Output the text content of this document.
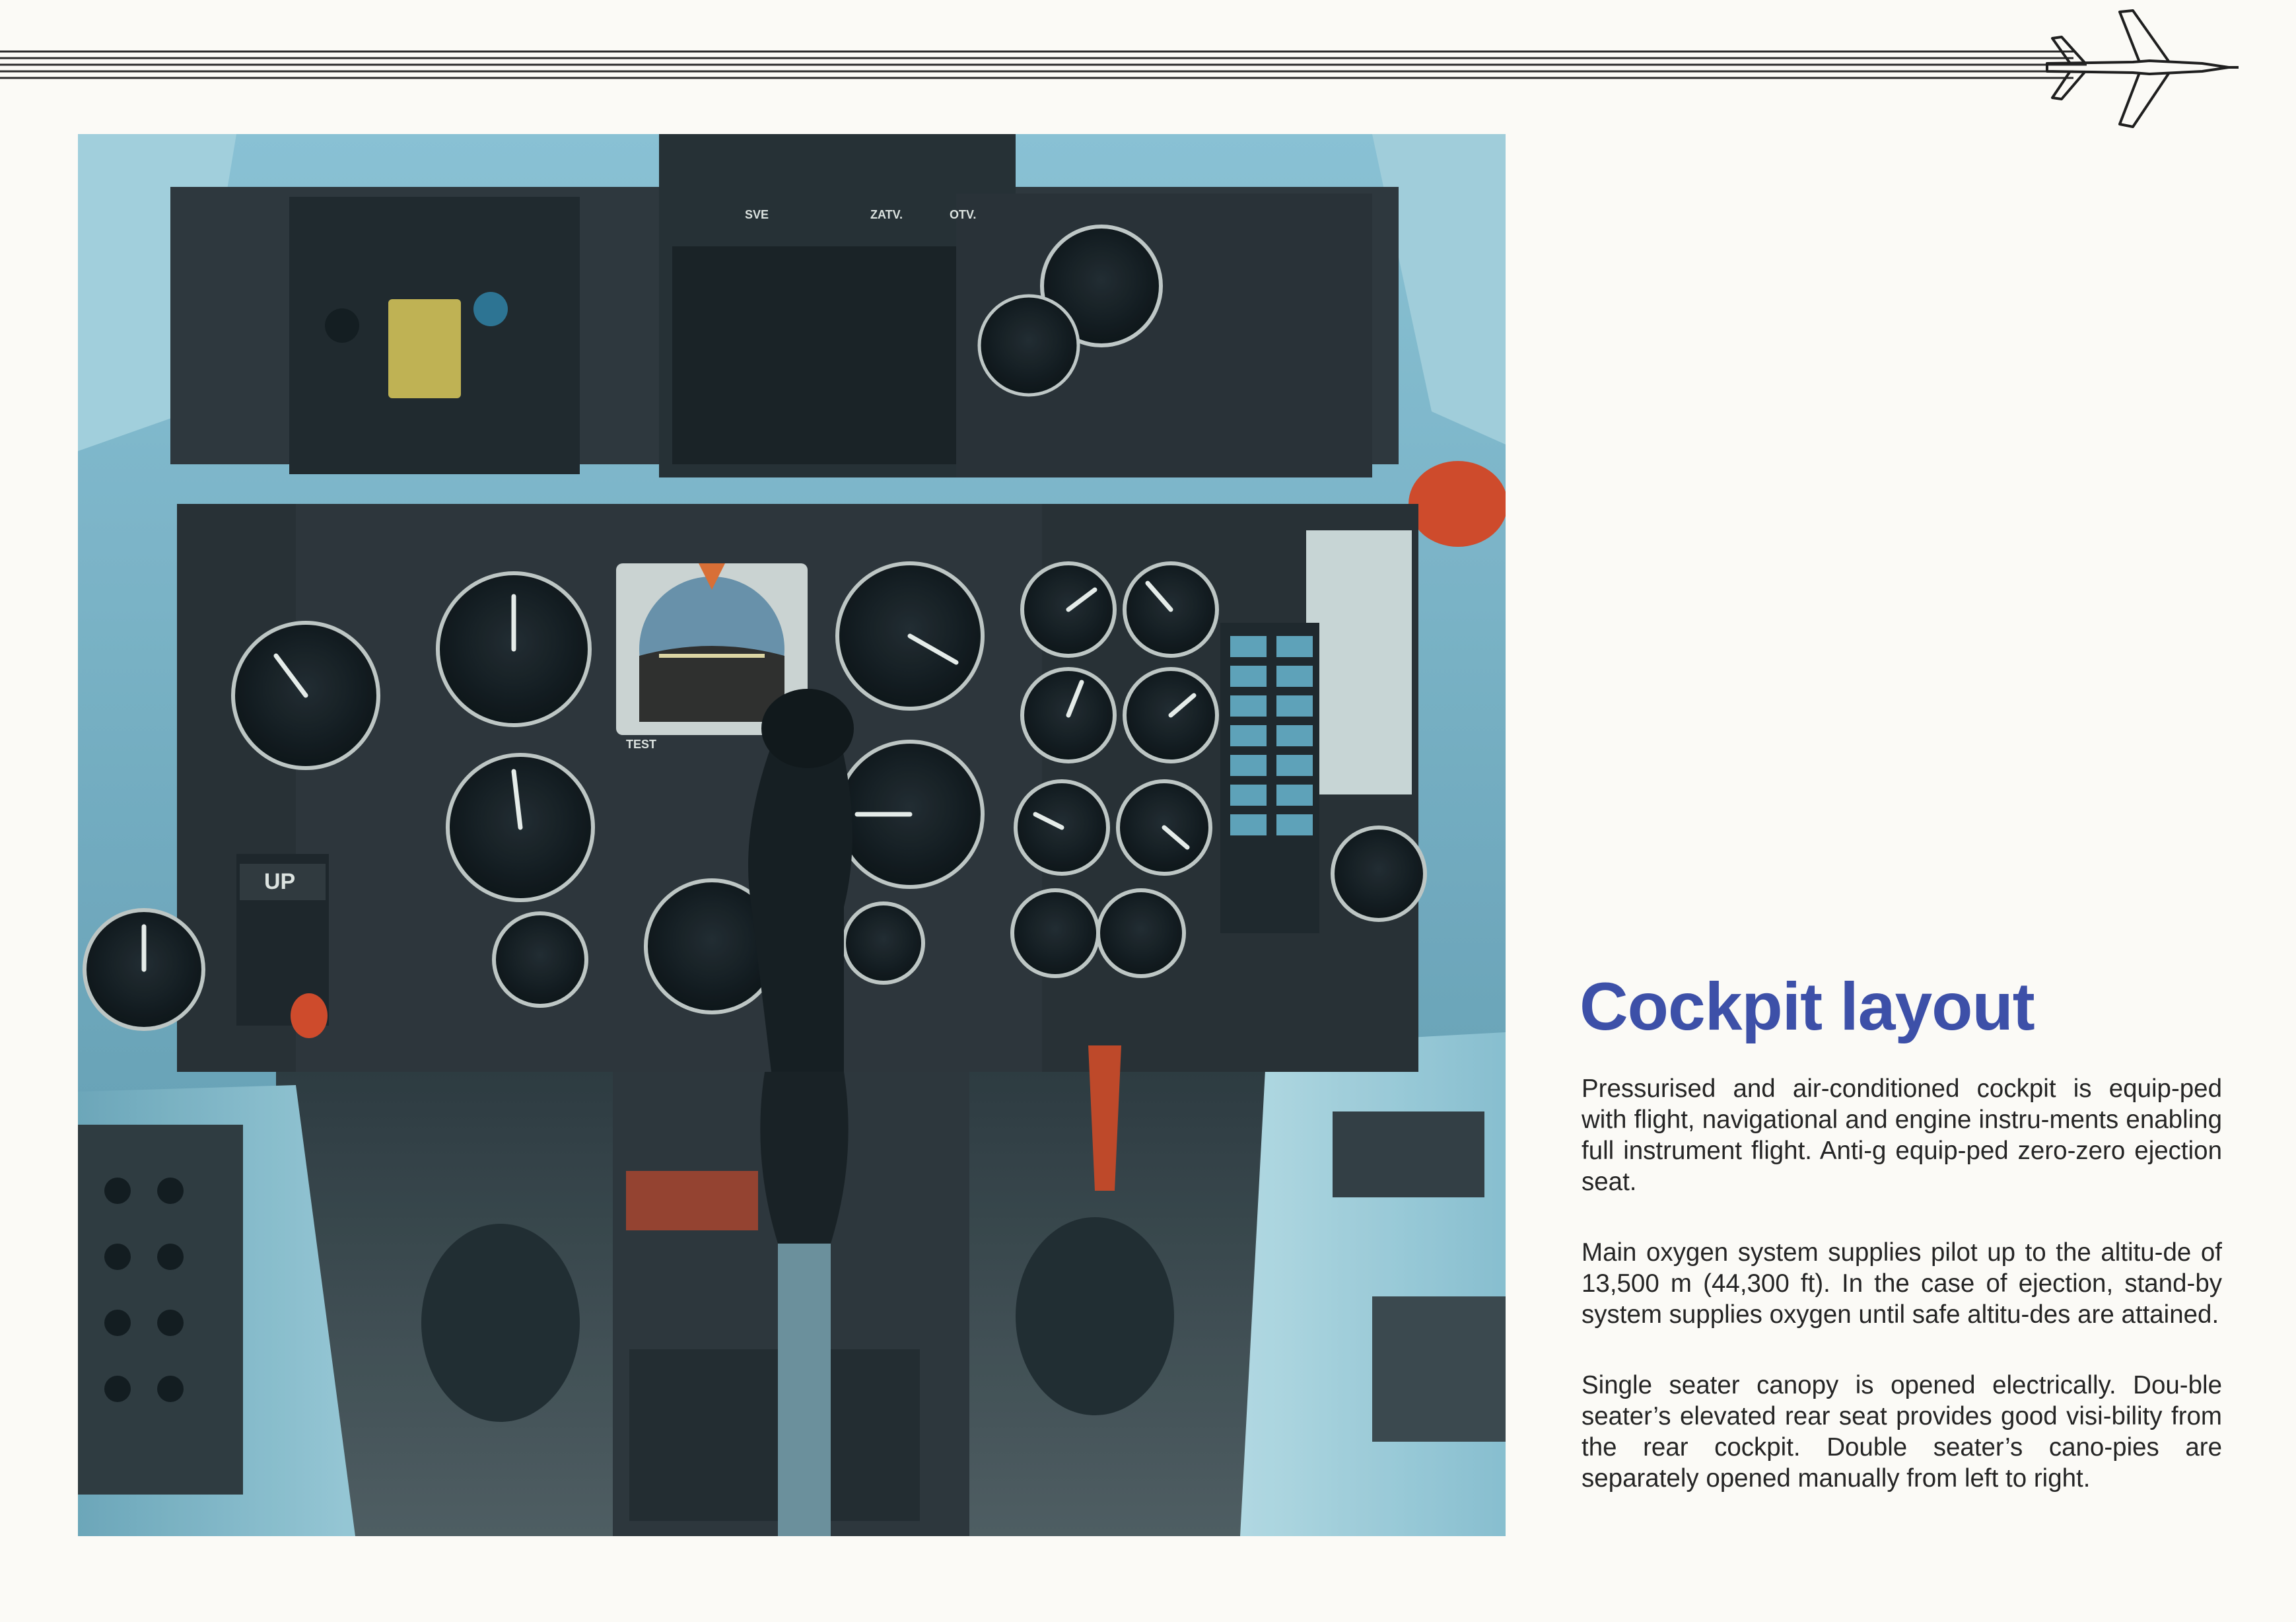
UP
SVE	ZATV.	OTV.
TEST
Cockpit layout

Pressurised and air-conditioned cockpit is equip-ped with flight, navigational and engine instru-ments enabling full instrument flight. Anti-g equip-ped zero-zero ejection seat.

Main oxygen system supplies pilot up to the altitu-de of 13,500 m (44,300 ft). In the case of ejection, stand-by system supplies oxygen until safe altitu-des are attained.

Single seater canopy is opened electrically. Dou-ble seater’s elevated rear seat provides good visi-bility from the rear cockpit. Double seater’s cano-pies are separately opened manually from left to right.
